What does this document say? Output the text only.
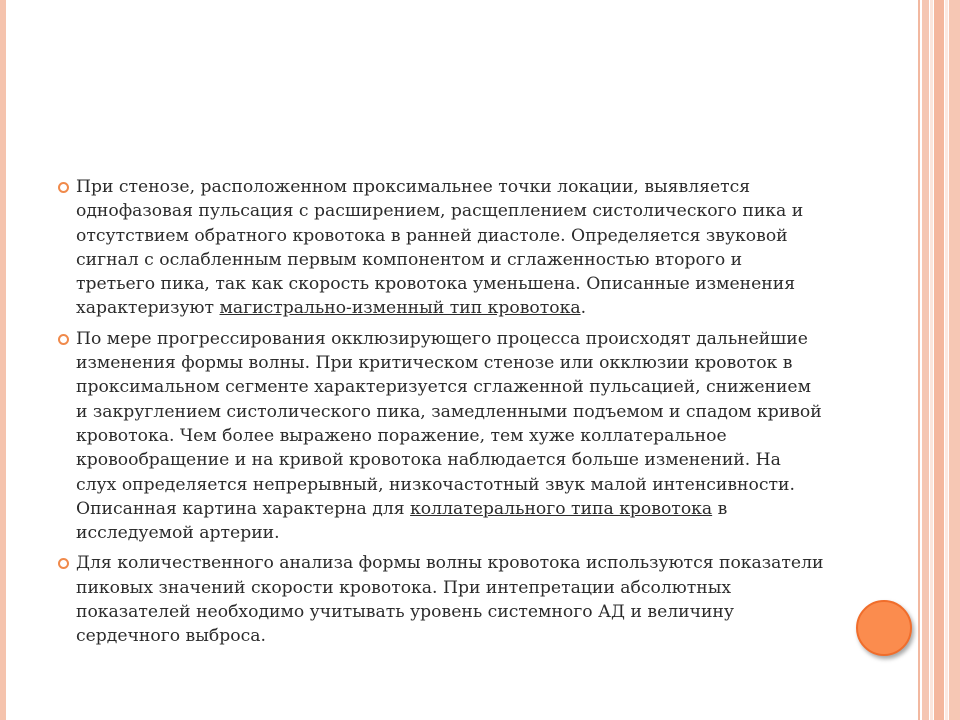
При стенозе, расположенном проксимальнее точки локации, выявляется однофазовая пульсация с расширением, расщеплением систолического пика и отсутствием обратного кровотока в ранней диастоле. Определяется звуковой сигнал с ослабленным первым компонентом и сглаженностью второго и третьего пика, так как скорость кровотока уменьшена. Описанные изменения характеризуют магистрально-изменный тип кровотока.
По мере прогрессирования окклюзирующего процесса происходят дальнейшие изменения формы волны. При критическом стенозе или окклюзии кровоток в проксимальном сегменте характеризуется сглаженной пульсацией, снижением и закруглением систолического пика, замедленными подъемом и спадом кривой кровотока. Чем более выражено поражение, тем хуже коллатеральное кровообращение и на кривой кровотока наблюдается больше изменений. На слух определяется непрерывный, низкочастотный звук малой интенсивности. Описанная картина характерна для коллатерального типа кровотока в исследуемой артерии.
Для количественного анализа формы волны кровотока используются показатели пиковых значений скорости кровотока. При интепретации абсолютных показателей необходимо учитывать уровень системного АД и величину сердечного выброса.
